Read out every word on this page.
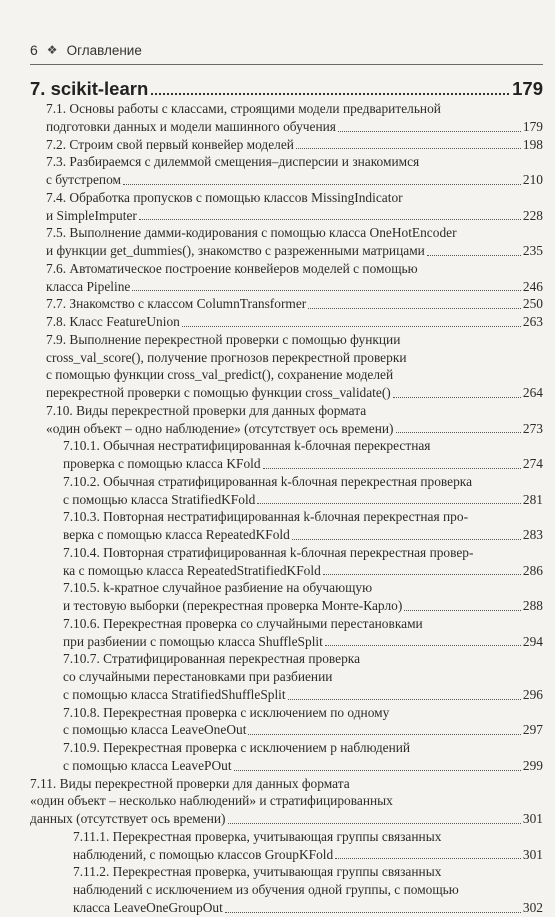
6 ❖ Оглавление
7. scikit-learn	179
7.1. Основы работы с классами, строящими модели предварительной
подготовки данных и модели машинного обучения	179
7.2. Строим свой первый конвейер моделей	198
7.3. Разбираемся с дилеммой смещения–дисперсии и знакомимся
с бутстрепом	210
7.4. Обработка пропусков с помощью классов MissingIndicator
и SimpleImputer	228
7.5. Выполнение дамми-кодирования с помощью класса OneHotEncoder
и функции get_dummies(), знакомство с разреженными матрицами	235
7.6. Автоматическое построение конвейеров моделей с помощью
класса Pipeline	246
7.7. Знакомство с классом ColumnTransformer	250
7.8. Класс FeatureUnion	263
7.9. Выполнение перекрестной проверки с помощью функции
cross_val_score(), получение прогнозов перекрестной проверки
с помощью функции cross_val_predict(), сохранение моделей
перекрестной проверки с помощью функции cross_validate()	264
7.10. Виды перекрестной проверки для данных формата
«один объект – одно наблюдение» (отсутствует ось времени)	273
7.10.1. Обычная нестратифицированная k-блочная перекрестная
проверка с помощью класса KFold	274
7.10.2. Обычная стратифицированная k-блочная перекрестная проверка
с помощью класса StratifiedKFold	281
7.10.3. Повторная нестратифицированная k-блочная перекрестная про-
верка с помощью класса RepeatedKFold	283
7.10.4. Повторная стратифицированная k-блочная перекрестная провер-
ка с помощью класса RepeatedStratifiedKFold	286
7.10.5. k-кратное случайное разбиение на обучающую
и тестовую выборки (перекрестная проверка Монте-Карло)	288
7.10.6. Перекрестная проверка со случайными перестановками
при разбиении с помощью класса ShuffleSplit	294
7.10.7. Стратифицированная перекрестная проверка
со случайными перестановками при разбиении
с помощью класса StratifiedShuffleSplit	296
7.10.8. Перекрестная проверка с исключением по одному
с помощью класса LeaveOneOut	297
7.10.9. Перекрестная проверка с исключением p наблюдений
с помощью класса LeavePOut	299
7.11. Виды перекрестной проверки для данных формата
«один объект – несколько наблюдений» и стратифицированных
данных (отсутствует ось времени)	301
7.11.1. Перекрестная проверка, учитывающая группы связанных
наблюдений, с помощью классов GroupKFold	301
7.11.2. Перекрестная проверка, учитывающая группы связанных
наблюдений с исключением из обучения одной группы, с помощью
класса LeaveOneGroupOut	302
